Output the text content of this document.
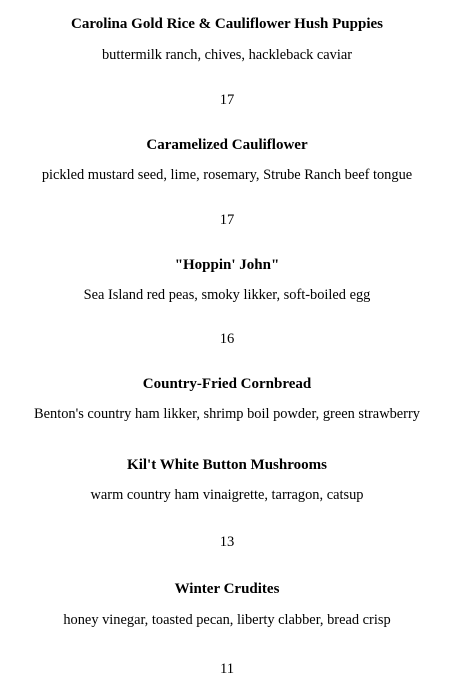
Carolina Gold Rice & Cauliflower Hush Puppies
buttermilk ranch, chives, hackleback caviar
17
Caramelized Cauliflower
pickled mustard seed, lime, rosemary, Strube Ranch beef tongue
17
"Hoppin' John"
Sea Island red peas, smoky likker, soft-boiled egg
16
Country-Fried Cornbread
Benton's country ham likker, shrimp boil powder, green strawberry
Kil't White Button Mushrooms
warm country ham vinaigrette, tarragon, catsup
13
Winter Crudites
honey vinegar, toasted pecan, liberty clabber, bread crisp
11
